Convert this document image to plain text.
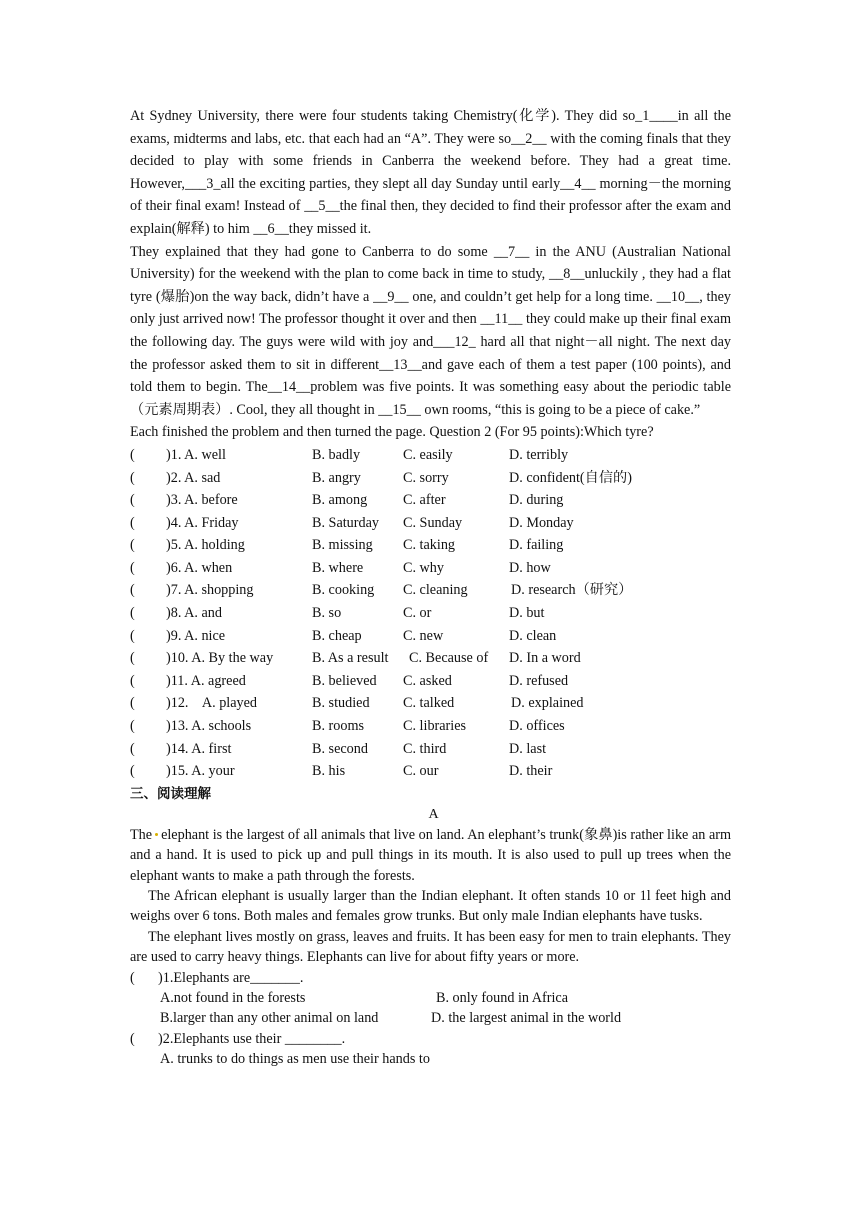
At Sydney University, there were four students taking Chemistry(化学). They did so_1____in all the exams, midterms and labs, etc. that each had an “A”. They were so__2__ with the coming finals that they decided to play with some friends in Canberra the weekend before. They had a great time. However,___3_all the exciting parties, they slept all day Sunday until early__4__ morning－the morning of their final exam! Instead of __5__the final then, they decided to find their professor after the exam and explain(解释) to him __6__they missed it.

They explained that they had gone to Canberra to do some __7__ in the ANU (Australian National University) for the weekend with the plan to come back in time to study, __8__unluckily , they had a flat tyre (爆胎)on the way back, didn’t have a __9__ one, and couldn’t get help for a long time. __10__, they only just arrived now! The professor thought it over and then __11__ they could make up their final exam the following day. The guys were wild with joy and___12_ hard all that night－all night. The next day the professor asked them to sit in different__13__and gave each of them a test paper (100 points), and told them to begin. The__14__problem was five points. It was something easy about the periodic table（元素周期表）. Cool, they all thought in __15__ own rooms, “this is going to be a piece of cake.”

Each finished the problem and then turned the page. Question 2 (For 95 points):Which tyre?

( )1. A. well	B. badly	C. easily	D. terribly
( )2. A. sad	B. angry	C. sorry	D. confident(自信的)
( )3. A. before	B. among	C. after	D. during
( )4. A. Friday	B. Saturday C. Sunday	D. Monday
( )5. A. holding	B. missing C. taking	D. failing
( )6. A. when	B. where	C. why	D. how
( )7. A. shopping	B. cooking C. cleaning	D. research（研究）
( )8. A. and	B. so	C. or	D. but
( )9. A. nice	B. cheap	C. new	D. clean
( )10. A. By the way	B. As a result C. Because of D. In a word
( )11. A. agreed	B. believed C. asked	D. refused
( )12.    A. played	B. studied C. talked	D. explained
( )13. A. schools	B. rooms	C. libraries	D. offices
( )14. A. first	B. second C. third	D. last
( )15. A. your	B. his	C. our	D. their

三、阅读理解

A

The elephant is the largest of all animals that live on land. An elephant’s trunk(象鼻)is rather like an arm and a hand. It is used to pick up and pull things in its mouth. It is also used to pull up trees when the elephant wants to make a path through the forests.

The African elephant is usually larger than the Indian elephant. It often stands 10 or 1l feet high and weighs over 6 tons. Both males and females grow trunks. But only male Indian elephants have tusks.

The elephant lives mostly on grass, leaves and fruits. It has been easy for men to train elephants. They are used to carry heavy things. Elephants can live for about fifty years or more.

( )1.Elephants are_______.
A.not found in the forests	B. only found in Africa
B.larger than any other animal on land	D. the largest animal in the world
( )2.Elephants use their ________.
A. trunks to do things as men use their hands to
